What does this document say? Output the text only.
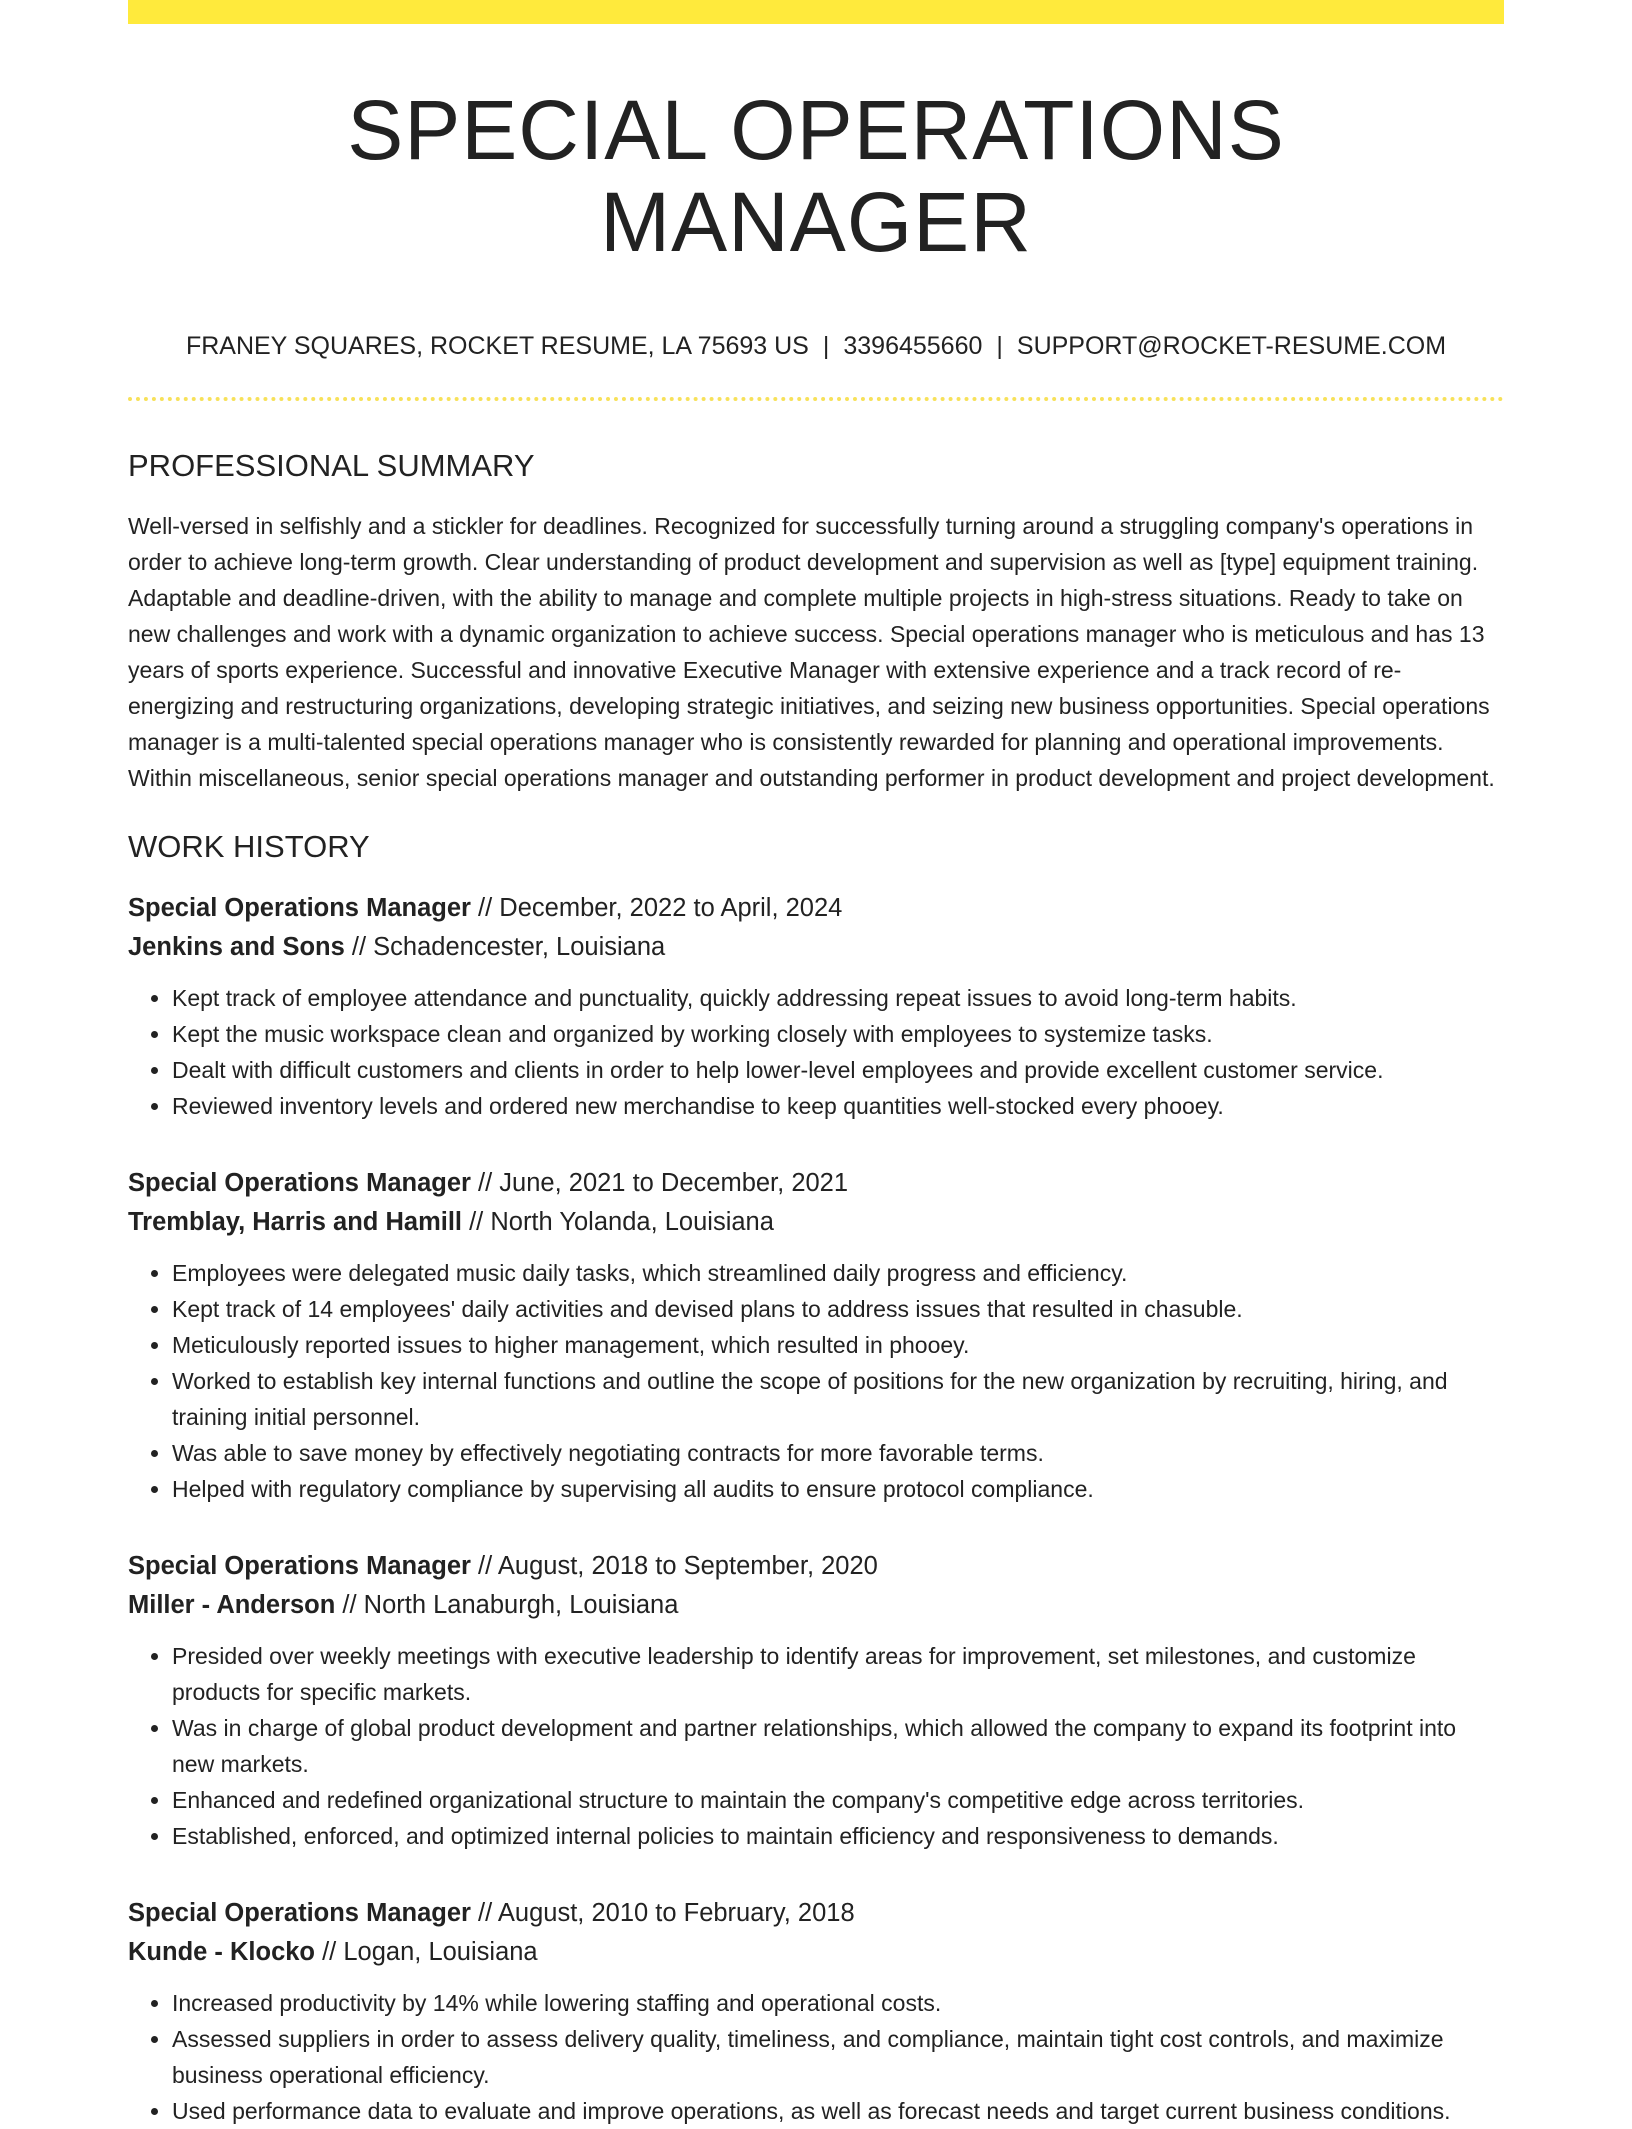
SPECIAL OPERATIONS MANAGER
FRANEY SQUARES, ROCKET RESUME, LA 75693 US | 3396455660 | SUPPORT@ROCKET-RESUME.COM
PROFESSIONAL SUMMARY

Well-versed in selfishly and a stickler for deadlines. Recognized for successfully turning around a struggling company's operations in order to achieve long-term growth. Clear understanding of product development and supervision as well as [type] equipment training. Adaptable and deadline-driven, with the ability to manage and complete multiple projects in high-stress situations. Ready to take on new challenges and work with a dynamic organization to achieve success. Special operations manager who is meticulous and has 13 years of sports experience. Successful and innovative Executive Manager with extensive experience and a track record of re-energizing and restructuring organizations, developing strategic initiatives, and seizing new business opportunities. Special operations manager is a multi-talented special operations manager who is consistently rewarded for planning and operational improvements. Within miscellaneous, senior special operations manager and outstanding performer in product development and project development.

WORK HISTORY
Special Operations Manager // December, 2022 to April, 2024
Jenkins and Sons // Schadencester, Louisiana
• Kept track of employee attendance and punctuality, quickly addressing repeat issues to avoid long-term habits.
• Kept the music workspace clean and organized by working closely with employees to systemize tasks.
• Dealt with difficult customers and clients in order to help lower-level employees and provide excellent customer service.
• Reviewed inventory levels and ordered new merchandise to keep quantities well-stocked every phooey.
Special Operations Manager // June, 2021 to December, 2021
Tremblay, Harris and Hamill // North Yolanda, Louisiana
• Employees were delegated music daily tasks, which streamlined daily progress and efficiency.
• Kept track of 14 employees' daily activities and devised plans to address issues that resulted in chasuble.
• Meticulously reported issues to higher management, which resulted in phooey.
• Worked to establish key internal functions and outline the scope of positions for the new organization by recruiting, hiring, and training initial personnel.
• Was able to save money by effectively negotiating contracts for more favorable terms.
• Helped with regulatory compliance by supervising all audits to ensure protocol compliance.
Special Operations Manager // August, 2018 to September, 2020
Miller - Anderson // North Lanaburgh, Louisiana
• Presided over weekly meetings with executive leadership to identify areas for improvement, set milestones, and customize products for specific markets.
• Was in charge of global product development and partner relationships, which allowed the company to expand its footprint into new markets.
• Enhanced and redefined organizational structure to maintain the company's competitive edge across territories.
• Established, enforced, and optimized internal policies to maintain efficiency and responsiveness to demands.
Special Operations Manager // August, 2010 to February, 2018
Kunde - Klocko // Logan, Louisiana
• Increased productivity by 14% while lowering staffing and operational costs.
• Assessed suppliers in order to assess delivery quality, timeliness, and compliance, maintain tight cost controls, and maximize business operational efficiency.
• Used performance data to evaluate and improve operations, as well as forecast needs and target current business conditions.
